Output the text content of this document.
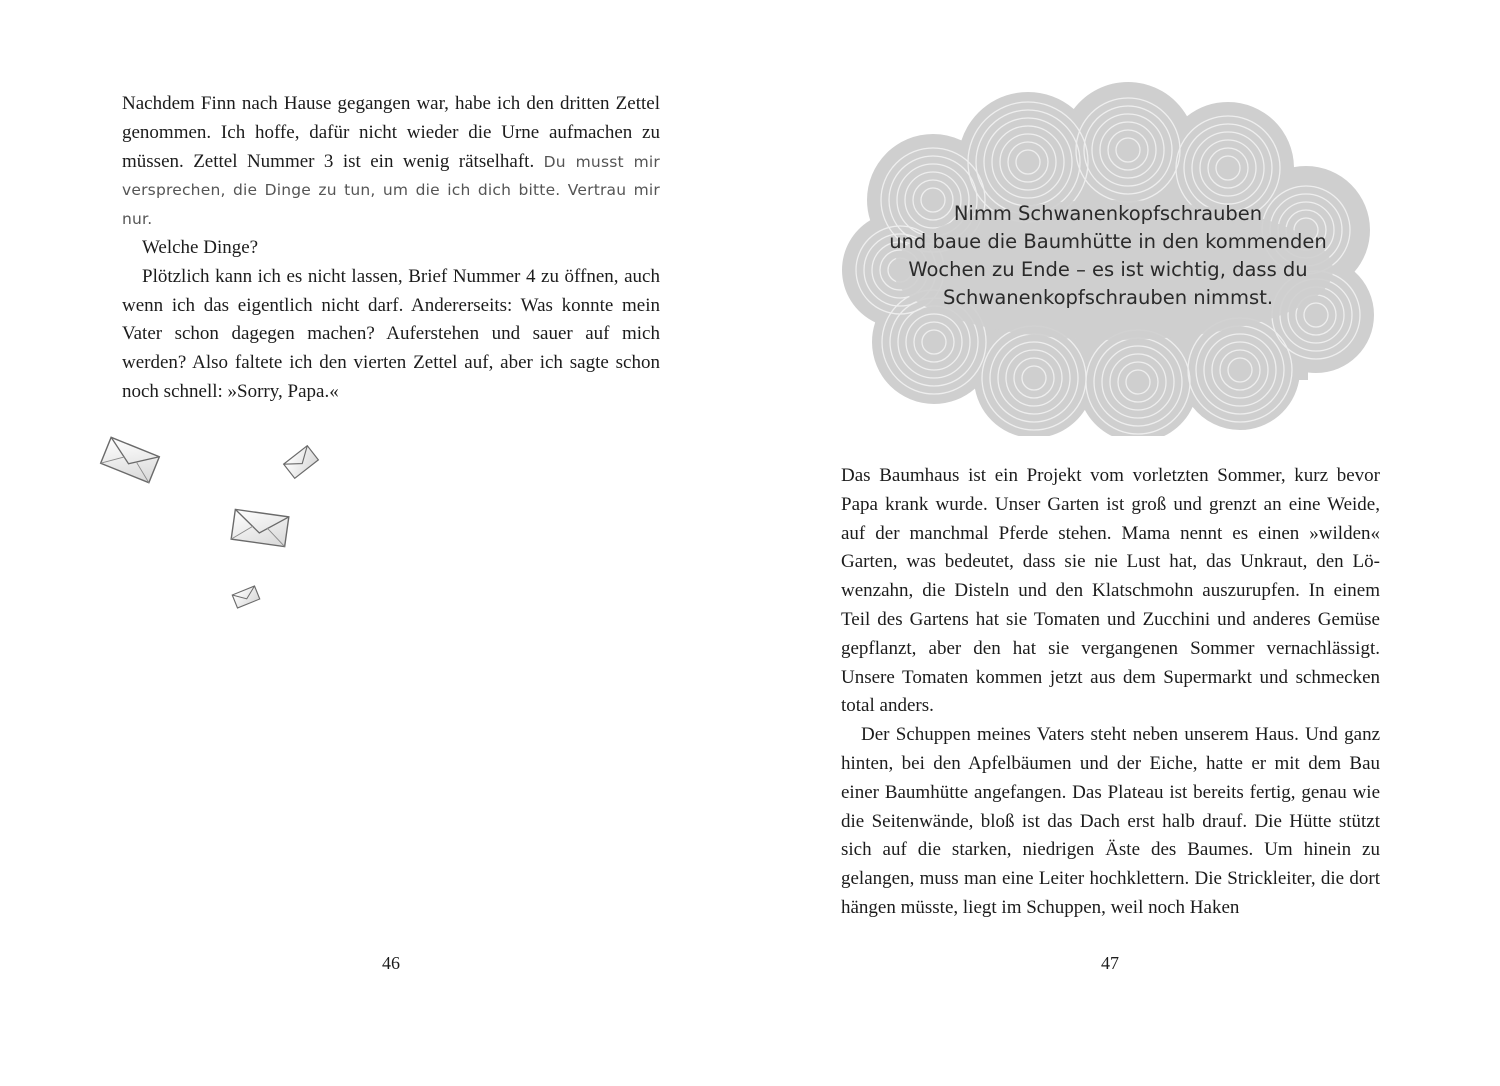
Nachdem Finn nach Hause gegangen war, habe ich den dritten Zettel genommen. Ich hoffe, dafür nicht wieder die Urne aufmachen zu müssen. Zettel Nummer 3 ist ein wenig rätselhaft. Du musst mir versprechen, die Dinge zu tun, um die ich dich bitte. Vertrau mir nur.

Welche Dinge?

Plötzlich kann ich es nicht lassen, Brief Nummer 4 zu öffnen, auch wenn ich das eigentlich nicht darf. Andererseits: Was konnte mein Vater schon dagegen machen? Auferstehen und sauer auf mich werden? Also faltete ich den vierten Zettel auf, aber ich sagte schon noch schnell: »Sorry, Papa.«

46
Nimm Schwanenkopfschrauben
und baue die Baumhütte in den kommenden
Wochen zu Ende – es ist wichtig, dass du
Schwanenkopfschrauben nimmst.

Das Baumhaus ist ein Projekt vom vorletzten Sommer, kurz bevor Papa krank wurde. Unser Garten ist groß und grenzt an eine Weide, auf der manchmal Pferde stehen. Mama nennt es einen »wilden« Garten, was bedeutet, dass sie nie Lust hat, das Unkraut, den Löwenzahn, die Disteln und den Klatschmohn auszurupfen. In einem Teil des Gartens hat sie Tomaten und Zucchini und anderes Gemüse gepflanzt, aber den hat sie vergangenen Sommer vernachlässigt. Unsere Tomaten kommen jetzt aus dem Supermarkt und schmecken total anders.

Der Schuppen meines Vaters steht neben unserem Haus. Und ganz hinten, bei den Apfelbäumen und der Eiche, hatte er mit dem Bau einer Baumhütte angefangen. Das Plateau ist bereits fertig, genau wie die Seitenwände, bloß ist das Dach erst halb drauf. Die Hütte stützt sich auf die starken, niedrigen Äste des Baumes. Um hinein zu gelangen, muss man eine Leiter hochklettern. Die Strickleiter, die dort hängen müsste, liegt im Schuppen, weil noch Haken

47
